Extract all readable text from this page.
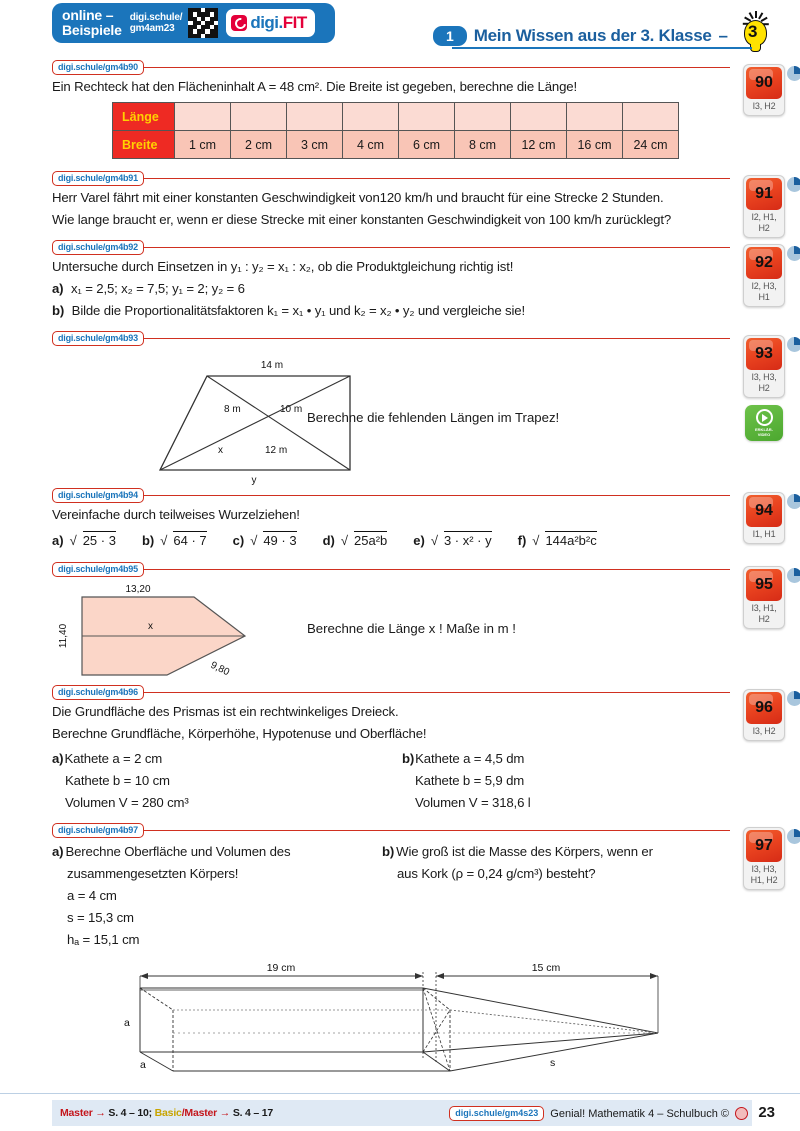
online –
Beispiele
digi.schule/
gm4am23	digi.FIT
1	Mein Wissen aus der 3. Klasse – 3
digi.schule/gm4b90
Ein Rechteck hat den Flächeninhalt A = 48 cm². Die Breite ist gegeben, berechne die Länge!
Länge									
Breite	1 cm	2 cm	3 cm	4 cm	6 cm	8 cm	12 cm	16 cm	24 cm
90
I3, H2
digi.schule/gm4b91
Herr Varel fährt mit einer konstanten Geschwindigkeit von120 km/h und braucht für eine Strecke 2 Stunden.
Wie lange braucht er, wenn er diese Strecke mit einer konstanten Geschwindigkeit von 100 km/h zurücklegt?
91
I2, H1, H2
digi.schule/gm4b92
Untersuche durch Einsetzen in y₁ : y₂ = x₁ : x₂, ob die Produktgleichung richtig ist!
a) x₁ = 2,5; x₂ = 7,5; y₁ = 2; y₂ = 6
b) Bilde die Proportionalitätsfaktoren k₁ = x₁ • y₁ und k₂ = x₂ • y₂ und vergleiche sie!
92
I2, H3, H1
digi.schule/gm4b93
14 m
8 m	10 m
x	12 m
y
Berechne die fehlenden Längen im Trapez!
93
I3, H3, H2
ERKLÄR-
VIDEO
digi.schule/gm4b94
Vereinfache durch teilweises Wurzelziehen!
a) √ 25 · 3 b) √ 64 · 7 c) √ 49 · 3 d) √ 25a²b e) √ 3 · x² · y f) √ 144a²b²c
94
I1, H1
digi.schule/gm4b95
13,20
11,40	x
9,80
Berechne die Länge x ! Maße in m !
95
I3, H1, H2
digi.schule/gm4b96
Die Grundfläche des Prismas ist ein rechtwinkeliges Dreieck.
Berechne Grundfläche, Körperhöhe, Hypotenuse und Oberfläche!
a)Kathete a = 2 cm
Kathete b = 10 cm
Volumen V = 280 cm³
b)Kathete a = 4,5 dm
Kathete b = 5,9 dm
Volumen V = 318,6 l
96
I3, H2
digi.schule/gm4b97
a) Berechne Oberfläche und Volumen des
zusammengesetzten Körpers!
a = 4 cm
s = 15,3 cm
hₐ = 15,1 cm
b) Wie groß ist die Masse des Körpers, wenn er
aus Kork (ρ = 0,24 g/cm³) besteht?
97
I3, H3, H1, H2
19 cm	15 cm
a
a	s
Master → S. 4 – 10; Basic/Master → S. 4 – 17	digi.schule/gm4s23	Genial! Mathematik 4 – Schulbuch © 23
